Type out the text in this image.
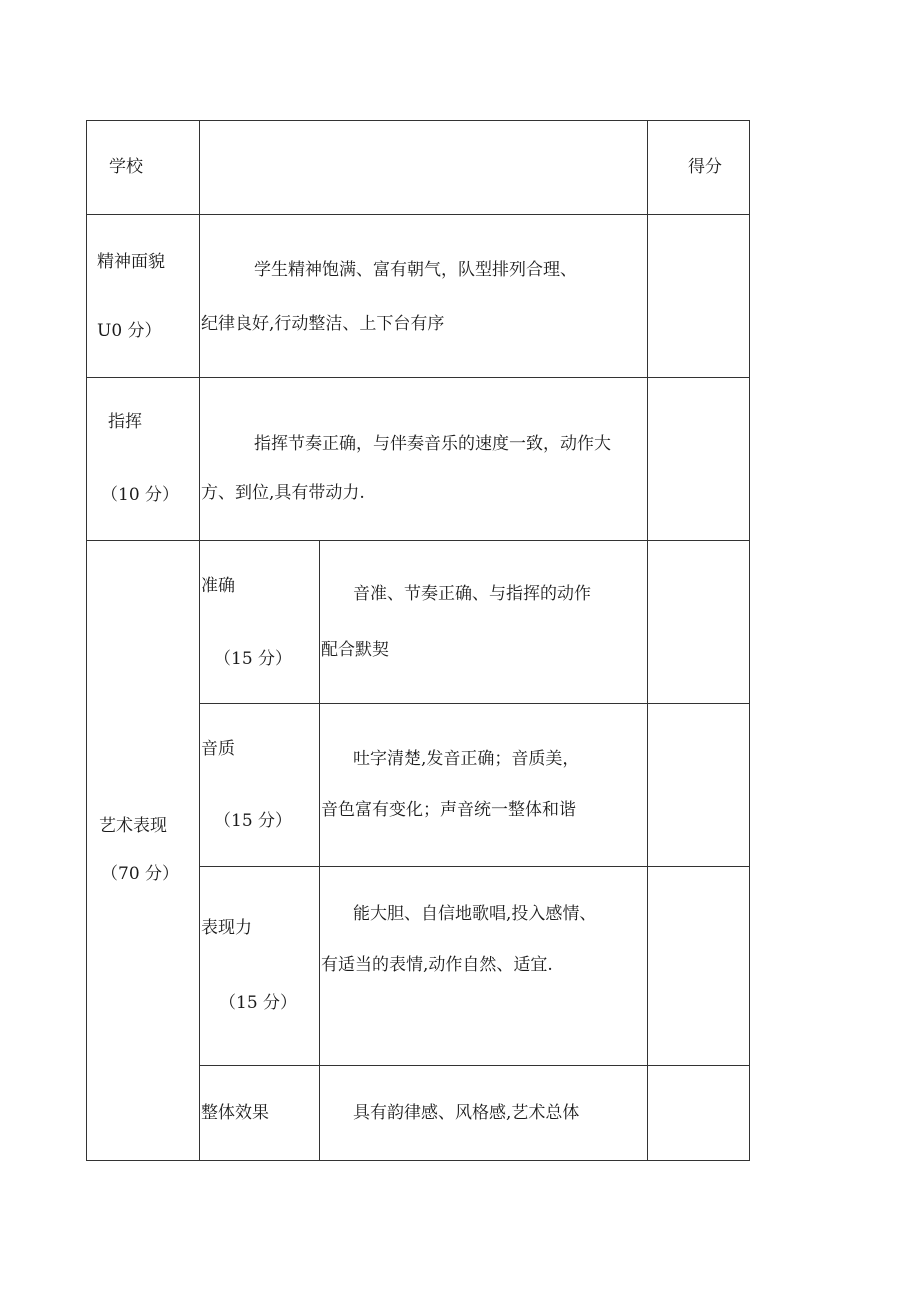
学校	得分
精神面貌
U0 分）
学生精神饱满、富有朝气，队型排列合理、
纪律良好,行动整洁、上下台有序
指挥
（10 分）
指挥节奏正确，与伴奏音乐的速度一致，动作大
方、到位,具有带动力.
艺术表现
（70 分）
准确
（15 分）
音准、节奏正确、与指挥的动作
配合默契
音质
（15 分）
吐字清楚,发音正确；音质美，
音色富有变化；声音统一整体和谐
表现力
（15 分）
能大胆、自信地歌唱,投入感情、
有适当的表情,动作自然、适宜.
整体效果	具有韵律感、风格感,艺术总体
